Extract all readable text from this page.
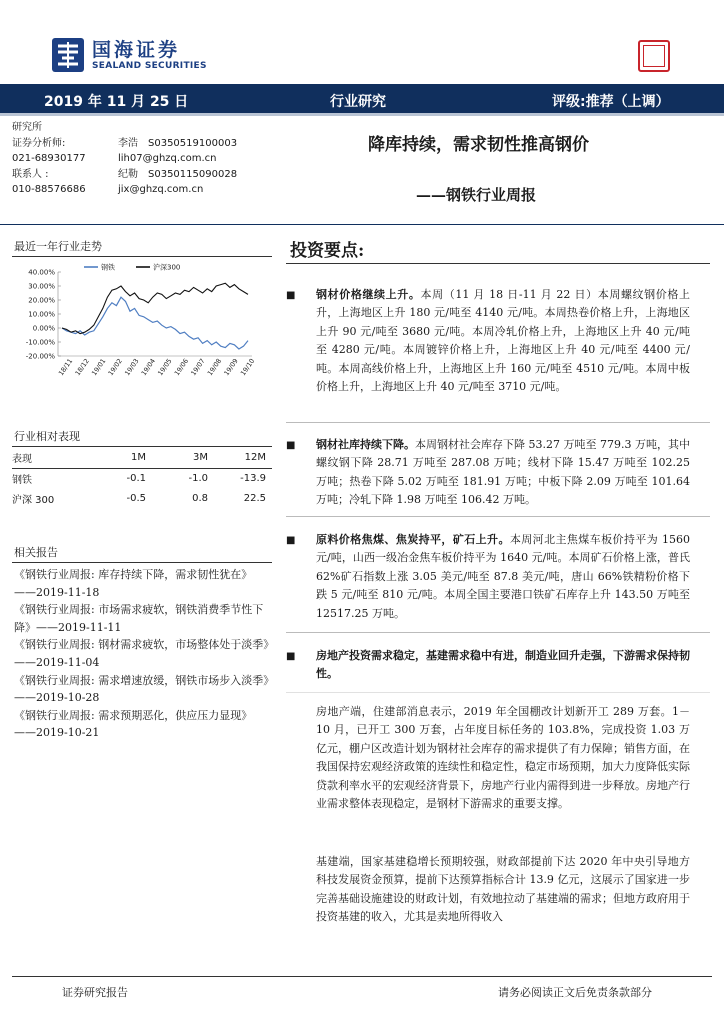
国海证券
SEALAND SECURITIES
2019 年 11 月 25 日	行业研究	评级:推荐（上调）
研究所
证券分析师:	李浩 S0350519100003
021-68930177	lih07@ghzq.com.cn
联系人 :	纪勒 S0350115090028
010-88576686	jix@ghzq.com.cn
降库持续，需求韧性推高钢价
——钢铁行业周报
最近一年行业走势
40.00%
30.00%
20.00%
10.00%
0.00%
-10.00%
-20.00%
18/11 18/12 19/01 19/02 19/03 19/04 19/05 19/06 19/07 19/08 19/09 19/10
钢铁	沪深300
行业相对表现
表现	1M	3M	12M
钢铁	-0.1	-1.0	-13.9
沪深 300	-0.5	0.8	22.5
相关报告

《钢铁行业周报: 库存持续下降，需求韧性犹在》——2019-11-18

《钢铁行业周报: 市场需求疲软，钢铁消费季节性下降》——2019-11-11

《钢铁行业周报: 钢材需求疲软，市场整体处于淡季》——2019-11-04

《钢铁行业周报: 需求增速放缓，钢铁市场步入淡季》——2019-10-28

《钢铁行业周报: 需求预期恶化，供应压力显现》——2019-10-21

投资要点:
■ 钢材价格继续上升。本周（11 月 18 日-11 月 22 日）本周螺纹钢价格上升，上海地区上升 180 元/吨至 4140 元/吨。本周热卷价格上升，上海地区上升 90 元/吨至 3680 元/吨。本周冷轧价格上升，上海地区上升 40 元/吨至 4280 元/吨。本周镀锌价格上升，上海地区上升 40 元/吨至 4400 元/吨。本周高线价格上升，上海地区上升 160 元/吨至 4510 元/吨。本周中板价格上升，上海地区上升 40 元/吨至 3710 元/吨。
■ 钢材社库持续下降。本周钢材社会库存下降 53.27 万吨至 779.3 万吨，其中螺纹钢下降 28.71 万吨至 287.08 万吨；线材下降 15.47 万吨至 102.25 万吨；热卷下降 5.02 万吨至 181.91 万吨；中板下降 2.09 万吨至 101.64 万吨；冷轧下降 1.98 万吨至 106.42 万吨。
■ 原料价格焦煤、焦炭持平，矿石上升。本周河北主焦煤车板价持平为 1560 元/吨，山西一级冶金焦车板价持平为 1640 元/吨。本周矿石价格上涨，普氏 62%矿石指数上涨 3.05 美元/吨至 87.8 美元/吨，唐山 66%铁精粉价格下跌 5 元/吨至 810 元/吨。本周全国主要港口铁矿石库存上升 143.50 万吨至 12517.25 万吨。
■ 房地产投资需求稳定，基建需求稳中有进，制造业回升走强，下游需求保持韧性。
房地产端，住建部消息表示，2019 年全国棚改计划新开工 289 万套。1－10 月，已开工 300 万套，占年度目标任务的 103.8%，完成投资 1.03 万亿元，棚户区改造计划为钢材社会库存的需求提供了有力保障；销售方面，在我国保持宏观经济政策的连续性和稳定性，稳定市场预期，加大力度降低实际贷款利率水平的宏观经济背景下，房地产行业内需得到进一步释放。房地产行业需求整体表现稳定，是钢材下游需求的重要支撑。
基建端，国家基建稳增长预期较强，财政部提前下达 2020 年中央引导地方科技发展资金预算，提前下达预算指标合计 13.9 亿元，这展示了国家进一步完善基础设施建设的财政计划，有效地拉动了基建端的需求；但地方政府用于投资基建的收入，尤其是卖地所得收入
证券研究报告	请务必阅读正文后免责条款部分
